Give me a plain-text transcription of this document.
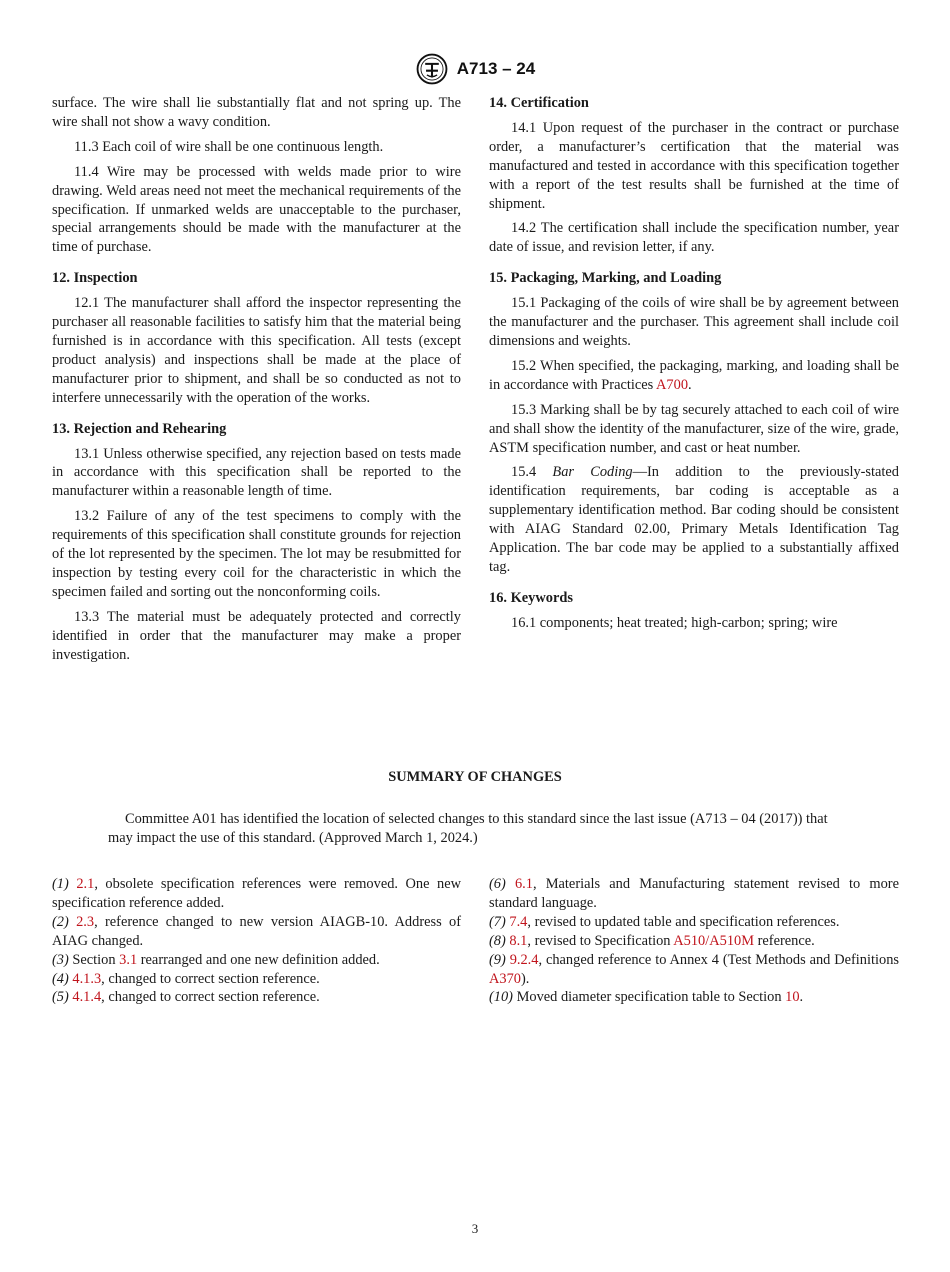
A713 – 24

surface. The wire shall lie substantially flat and not spring up. The wire shall not show a wavy condition.

11.3 Each coil of wire shall be one continuous length.

11.4 Wire may be processed with welds made prior to wire drawing. Weld areas need not meet the mechanical requirements of the specification. If unmarked welds are unacceptable to the purchaser, special arrangements should be made with the manufacturer at the time of purchase.

12. Inspection

12.1 The manufacturer shall afford the inspector representing the purchaser all reasonable facilities to satisfy him that the material being furnished is in accordance with this specification. All tests (except product analysis) and inspections shall be made at the place of manufacturer prior to shipment, and shall be so conducted as not to interfere unnecessarily with the operation of the works.

13. Rejection and Rehearing

13.1 Unless otherwise specified, any rejection based on tests made in accordance with this specification shall be reported to the manufacturer within a reasonable length of time.

13.2 Failure of any of the test specimens to comply with the requirements of this specification shall constitute grounds for rejection of the lot represented by the specimen. The lot may be resubmitted for inspection by testing every coil for the characteristic in which the specimen failed and sorting out the nonconforming coils.

13.3 The material must be adequately protected and correctly identified in order that the manufacturer may make a proper investigation.

14. Certification

14.1 Upon request of the purchaser in the contract or purchase order, a manufacturer’s certification that the material was manufactured and tested in accordance with this specification together with a report of the test results shall be furnished at the time of shipment.

14.2 The certification shall include the specification number, year date of issue, and revision letter, if any.

15. Packaging, Marking, and Loading

15.1 Packaging of the coils of wire shall be by agreement between the manufacturer and the purchaser. This agreement shall include coil dimensions and weights.

15.2 When specified, the packaging, marking, and loading shall be in accordance with Practices A700.

15.3 Marking shall be by tag securely attached to each coil of wire and shall show the identity of the manufacturer, size of the wire, grade, ASTM specification number, and cast or heat number.

15.4 Bar Coding—In addition to the previously-stated identification requirements, bar coding is acceptable as a supplementary identification method. Bar coding should be consistent with AIAG Standard 02.00, Primary Metals Identification Tag Application. The bar code may be applied to a substantially affixed tag.

16. Keywords

16.1 components; heat treated; high-carbon; spring; wire

SUMMARY OF CHANGES
Committee A01 has identified the location of selected changes to this standard since the last issue (A713 – 04 (2017)) that may impact the use of this standard. (Approved March 1, 2024.)
(1) 2.1, obsolete specification references were removed. One new specification reference added.
(2) 2.3, reference changed to new version AIAGB-10. Address of AIAG changed.
(3) Section 3.1 rearranged and one new definition added.
(4) 4.1.3, changed to correct section reference.
(5) 4.1.4, changed to correct section reference.
(6) 6.1, Materials and Manufacturing statement revised to more standard language.
(7) 7.4, revised to updated table and specification references.
(8) 8.1, revised to Specification A510/A510M reference.
(9) 9.2.4, changed reference to Annex 4 (Test Methods and Definitions A370).
(10) Moved diameter specification table to Section 10.
3
